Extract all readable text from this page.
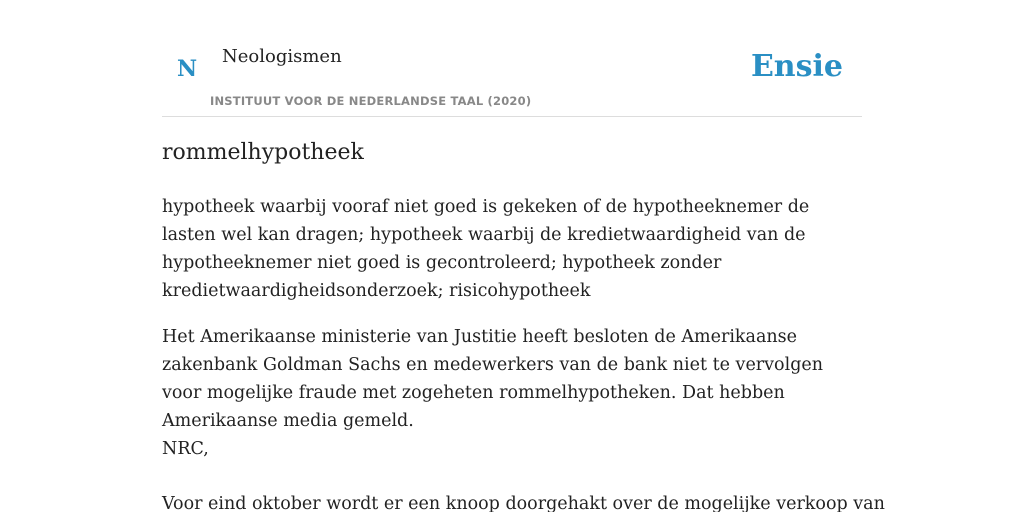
N Neologismen
INSTITUUT VOOR DE NEDERLANDSE TAAL (2020)
Ensie
rommelhypotheek

hypotheek waarbij vooraf niet goed is gekeken of de hypotheeknemer de lasten wel kan dragen; hypotheek waarbij de kredietwaardigheid van de hypotheeknemer niet goed is gecontroleerd; hypotheek zonder kredietwaardigheidsonderzoek; risicohypotheek

Het Amerikaanse ministerie van Justitie heeft besloten de Amerikaanse zakenbank Goldman Sachs en medewerkers van de bank niet te vervolgen voor mogelijke fraude met zogeheten rommelhypotheken. Dat hebben Amerikaanse media gemeld.
NRC,
Voor eind oktober wordt er een knoop doorgehakt over de mogelijke verkoop van
